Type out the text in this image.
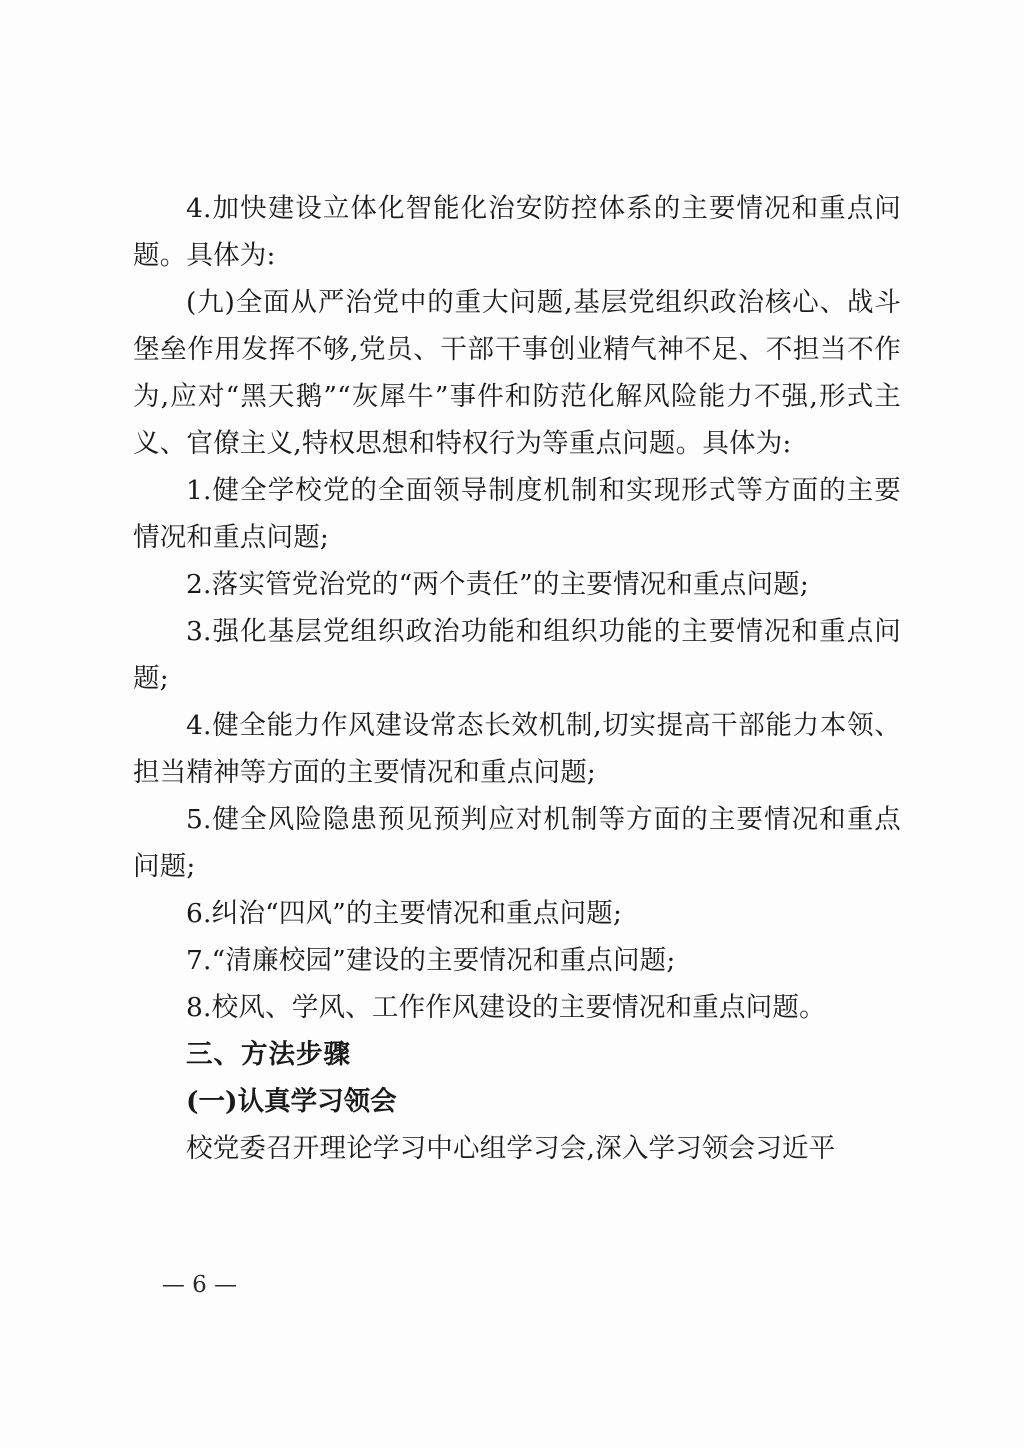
4.加快建设立体化智能化治安防控体系的主要情况和重点问题。具体为:

(九)全面从严治党中的重大问题,基层党组织政治核心、战斗堡垒作用发挥不够,党员、干部干事创业精气神不足、不担当不作为,应对“黑天鹅”“灰犀牛”事件和防范化解风险能力不强,形式主义、官僚主义,特权思想和特权行为等重点问题。具体为:

1.健全学校党的全面领导制度机制和实现形式等方面的主要情况和重点问题;

2.落实管党治党的“两个责任”的主要情况和重点问题;

3.强化基层党组织政治功能和组织功能的主要情况和重点问题;

4.健全能力作风建设常态长效机制,切实提高干部能力本领、担当精神等方面的主要情况和重点问题;

5.健全风险隐患预见预判应对机制等方面的主要情况和重点问题;

6.纠治“四风”的主要情况和重点问题;

7.“清廉校园”建设的主要情况和重点问题;

8.校风、学风、工作作风建设的主要情况和重点问题。

三、方法步骤

(一)认真学习领会

校党委召开理论学习中心组学习会,深入学习领会习近平

— 6 —
